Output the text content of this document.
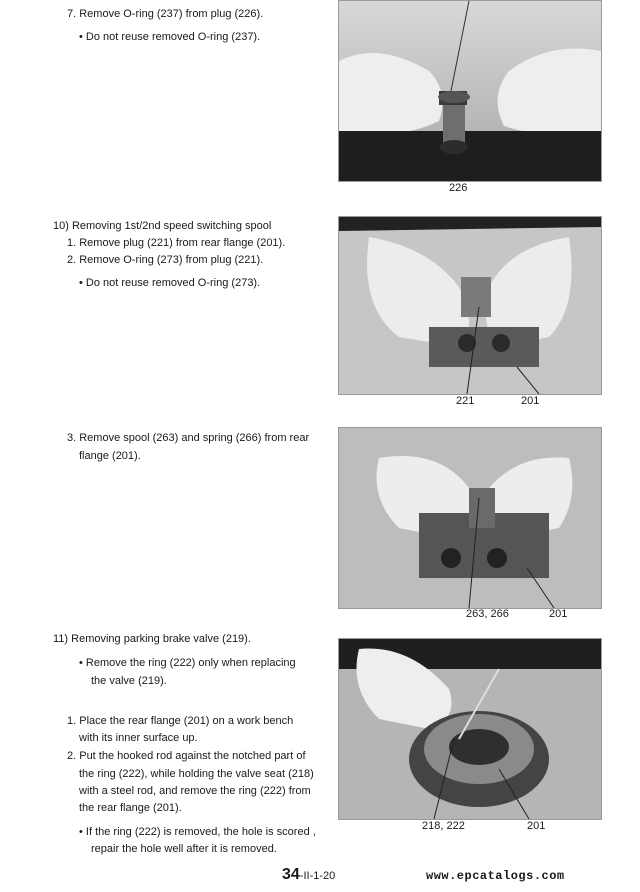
7. Remove O-ring (237) from plug (226).
• Do not reuse removed O-ring (237).
226
10) Removing 1st/2nd speed switching spool
1. Remove plug (221) from rear flange (201).
2. Remove O-ring (273) from plug (221).
• Do not reuse removed O-ring (273).
221	201
3. Remove spool (263) and spring (266) from rear
flange (201).
263, 266	201
11) Removing parking brake valve (219).
• Remove the ring (222) only when replacing
the valve (219).
1. Place the rear flange (201) on a work bench
with its inner surface up.
2. Put the hooked rod against the notched part of
the ring (222), while holding the valve seat (218)
with a steel rod, and remove the ring (222) from
the rear flange (201).
• If the ring (222) is removed, the hole is scored ,
repair the hole well after it is removed.
218, 222	201
34-II-1-20	www.epcatalogs.com
